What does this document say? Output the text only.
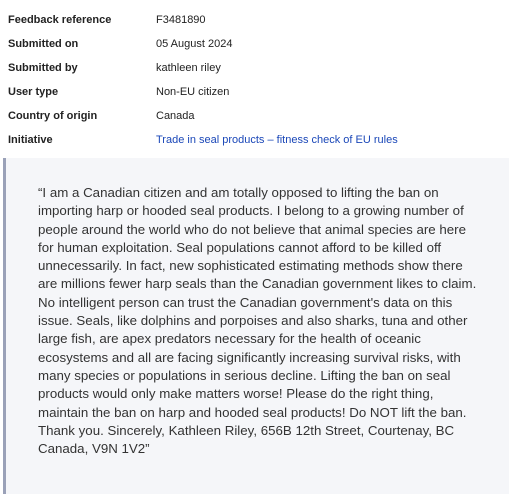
Feedback reference	F3481890
Submitted on	05 August 2024
Submitted by	kathleen riley
User type	Non-EU citizen
Country of origin	Canada
Initiative	Trade in seal products – fitness check of EU rules

“I am a Canadian citizen and am totally opposed to lifting the ban on importing harp or hooded seal products. I belong to a growing number of people around the world who do not believe that animal species are here for human exploitation. Seal populations cannot afford to be killed off unnecessarily. In fact, new sophisticated estimating methods show there are millions fewer harp seals than the Canadian government likes to claim. No intelligent person can trust the Canadian government's data on this issue. Seals, like dolphins and porpoises and also sharks, tuna and other large fish, are apex predators necessary for the health of oceanic ecosystems and all are facing significantly increasing survival risks, with many species or populations in serious decline. Lifting the ban on seal products would only make matters worse! Please do the right thing, maintain the ban on harp and hooded seal products! Do NOT lift the ban. Thank you. Sincerely, Kathleen Riley, 656B 12th Street, Courtenay, BC Canada, V9N 1V2”
